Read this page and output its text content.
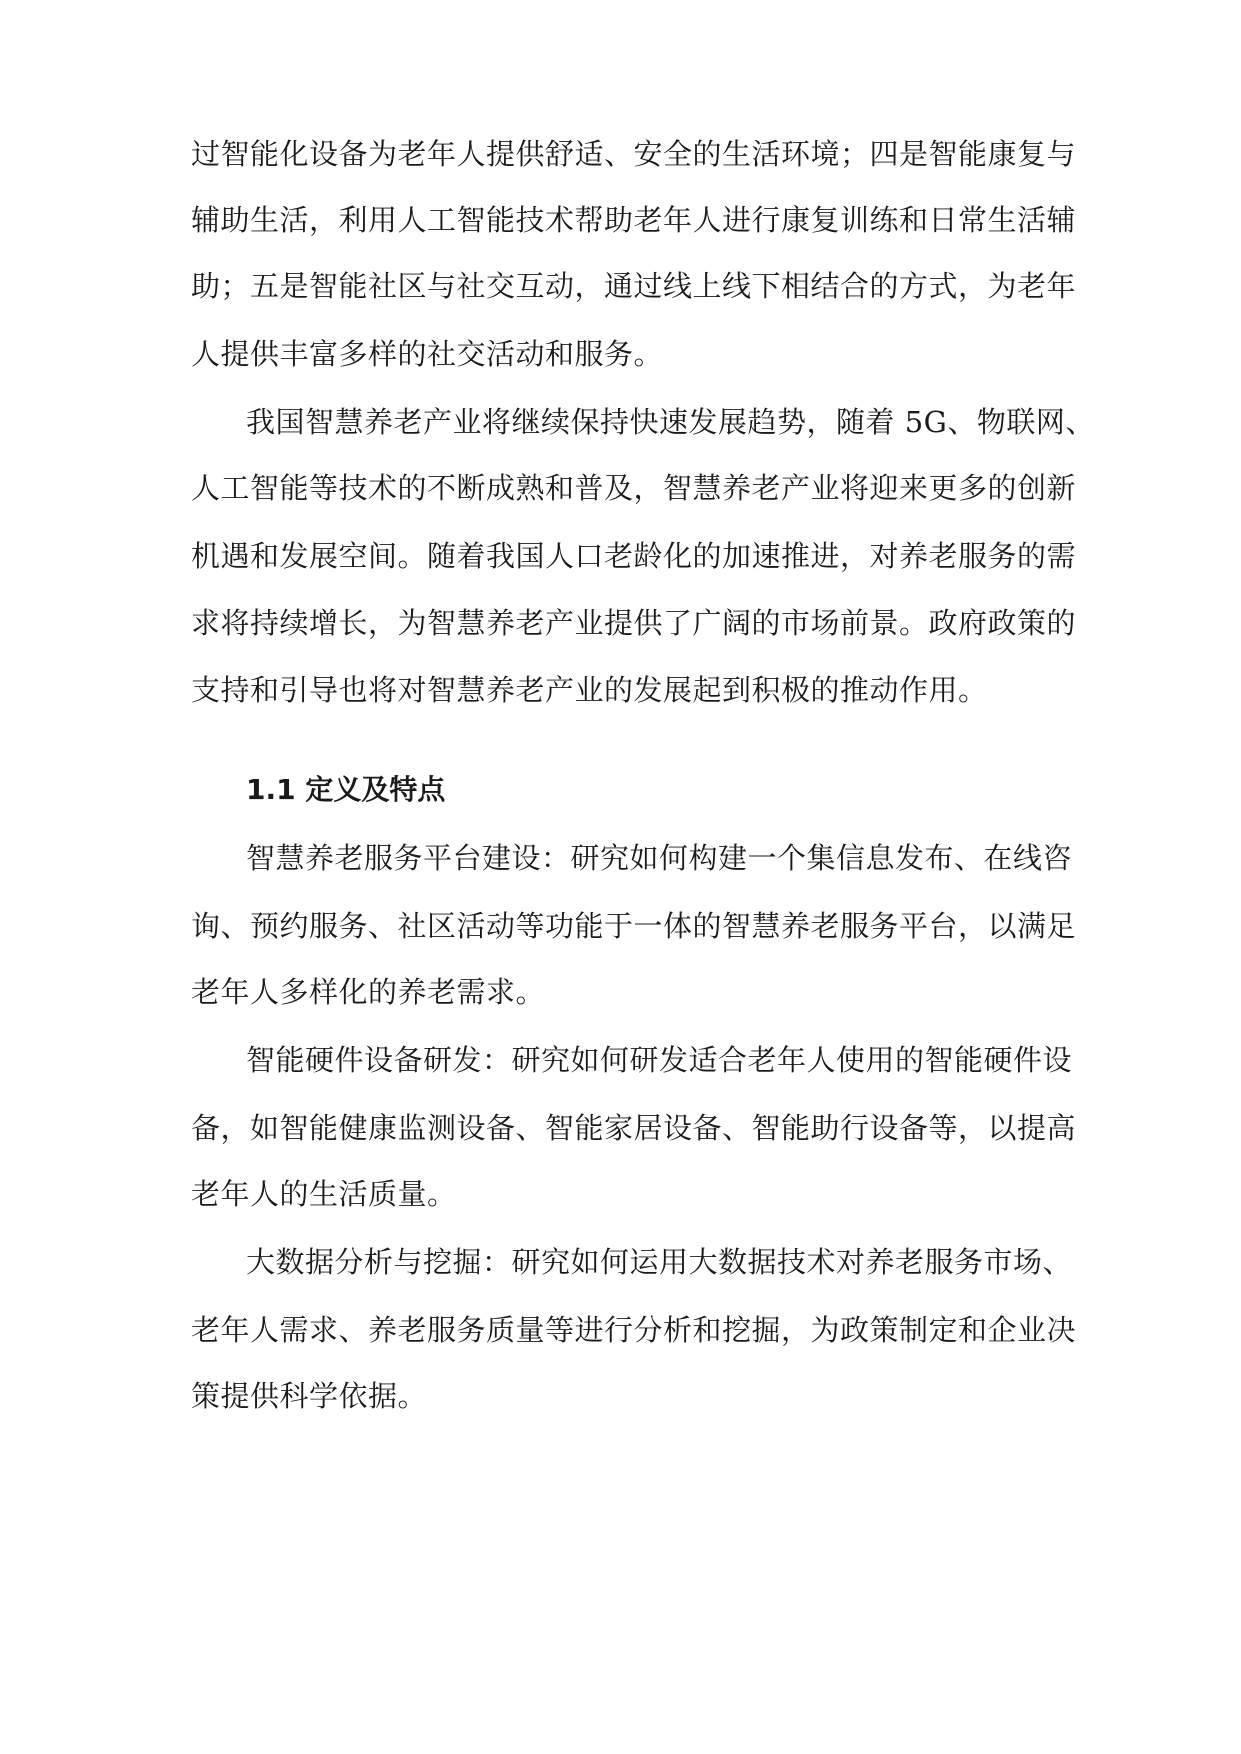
过智能化设备为老年人提供舒适、安全的生活环境；四是智能康复与
辅助生活，利用人工智能技术帮助老年人进行康复训练和日常生活辅
助；五是智能社区与社交互动，通过线上线下相结合的方式，为老年
人提供丰富多样的社交活动和服务。
我国智慧养老产业将继续保持快速发展趋势，随着 5G、物联网、
人工智能等技术的不断成熟和普及，智慧养老产业将迎来更多的创新
机遇和发展空间。随着我国人口老龄化的加速推进，对养老服务的需
求将持续增长，为智慧养老产业提供了广阔的市场前景。政府政策的
支持和引导也将对智慧养老产业的发展起到积极的推动作用。
1.1 定义及特点
智慧养老服务平台建设：研究如何构建一个集信息发布、在线咨
询、预约服务、社区活动等功能于一体的智慧养老服务平台，以满足
老年人多样化的养老需求。
智能硬件设备研发：研究如何研发适合老年人使用的智能硬件设
备，如智能健康监测设备、智能家居设备、智能助行设备等，以提高
老年人的生活质量。
大数据分析与挖掘：研究如何运用大数据技术对养老服务市场、
老年人需求、养老服务质量等进行分析和挖掘，为政策制定和企业决
策提供科学依据。
